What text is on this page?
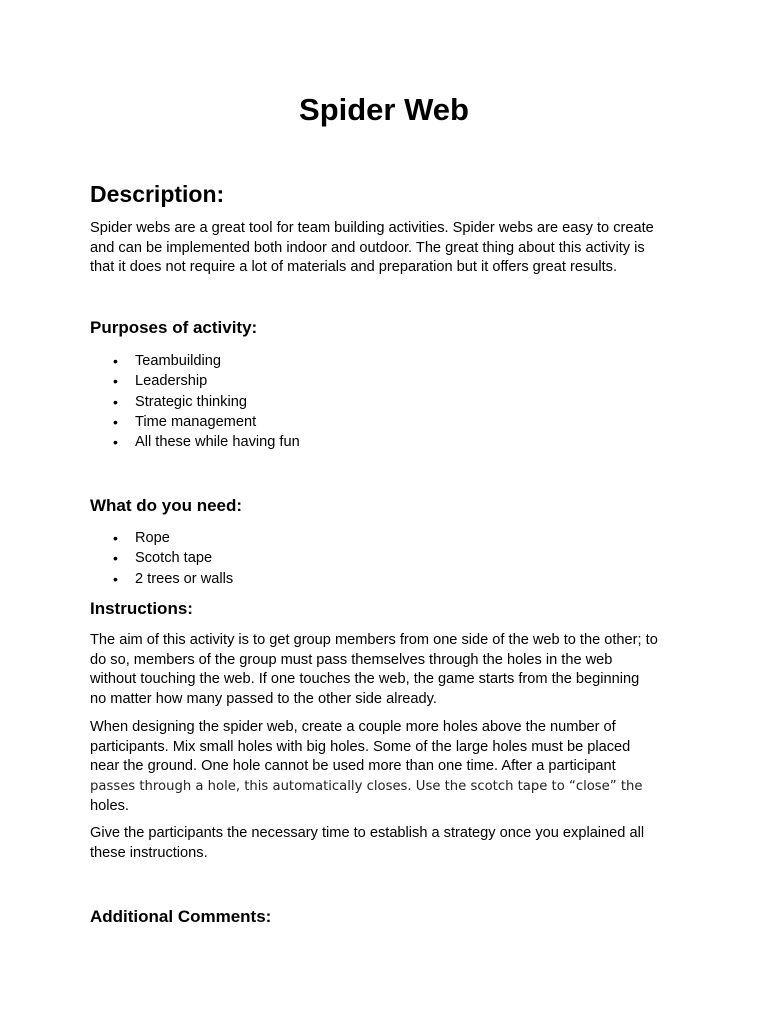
Spider Web
Description:

Spider webs are a great tool for team building activities. Spider webs are easy to create
and can be implemented both indoor and outdoor. The great thing about this activity is
that it does not require a lot of materials and preparation but it offers great results.

Purposes of activity:
• Teambuilding
• Leadership
• Strategic thinking
• Time management
• All these while having fun
What do you need:
• Rope
• Scotch tape
• 2 trees or walls
Instructions:

The aim of this activity is to get group members from one side of the web to the other; to
do so, members of the group must pass themselves through the holes in the web
without touching the web. If one touches the web, the game starts from the beginning
no matter how many passed to the other side already.

When designing the spider web, create a couple more holes above the number of
participants. Mix small holes with big holes. Some of the large holes must be placed
near the ground. One hole cannot be used more than one time. After a participant
passes through a hole, this automatically closes. Use the scotch tape to “close” the
holes.

Give the participants the necessary time to establish a strategy once you explained all
these instructions.

Additional Comments:
